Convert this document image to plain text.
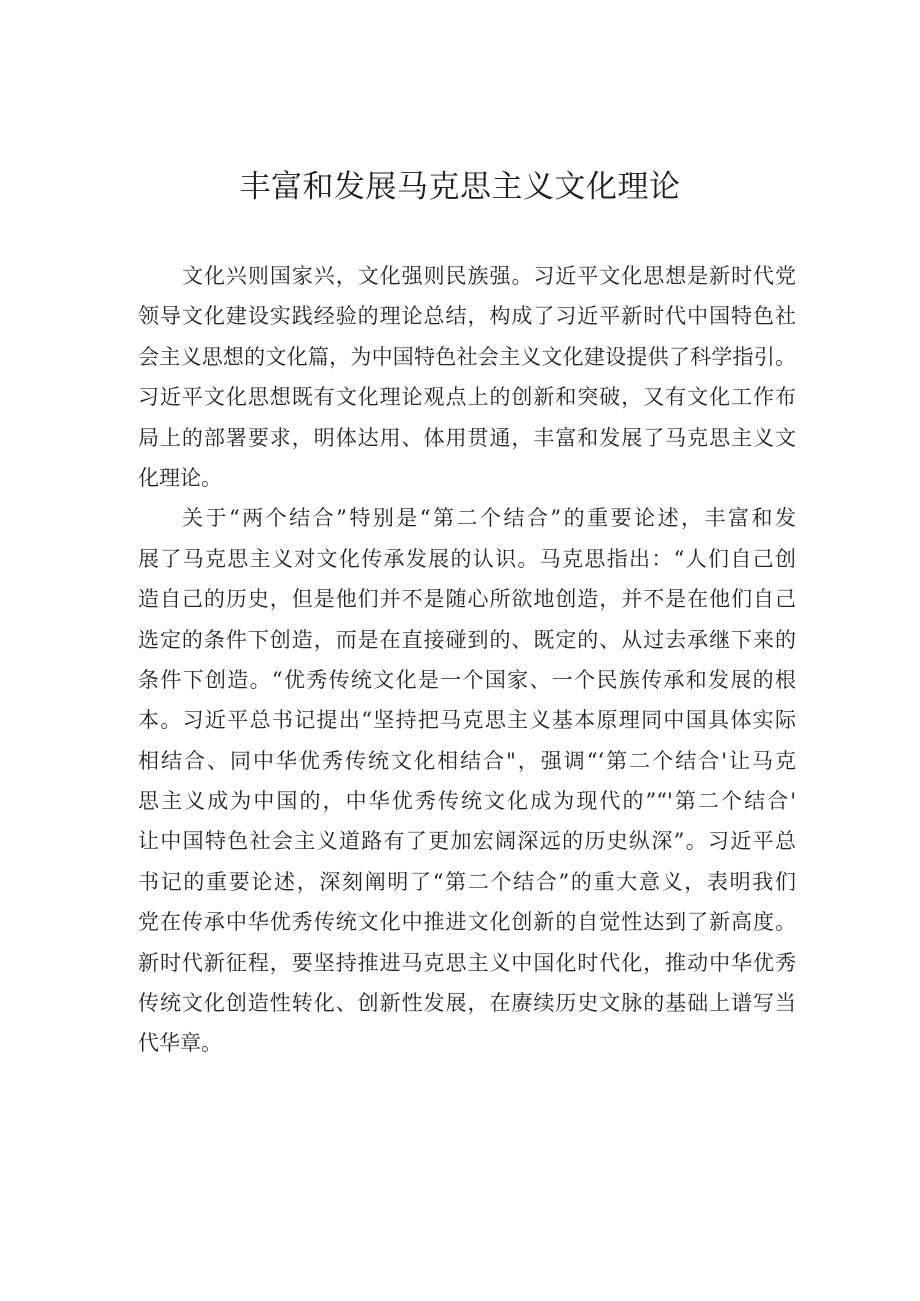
丰富和发展马克思主义文化理论

文化兴则国家兴，文化强则民族强。习近平文化思想是新时代党
领导文化建设实践经验的理论总结，构成了习近平新时代中国特色社
会主义思想的文化篇，为中国特色社会主义文化建设提供了科学指引。
习近平文化思想既有文化理论观点上的创新和突破，又有文化工作布
局上的部署要求，明体达用、体用贯通，丰富和发展了马克思主义文
化理论。

关于“两个结合”特别是“第二个结合”的重要论述，丰富和发
展了马克思主义对文化传承发展的认识。马克思指出：“人们自己创
造自己的历史，但是他们并不是随心所欲地创造，并不是在他们自己
选定的条件下创造，而是在直接碰到的、既定的、从过去承继下来的
条件下创造。“优秀传统文化是一个国家、一个民族传承和发展的根
本。习近平总书记提出“坚持把马克思主义基本原理同中国具体实际
相结合、同中华优秀传统文化相结合"，强调“‘第二个结合'让马克
思主义成为中国的，中华优秀传统文化成为现代的”“'第二个结合'
让中国特色社会主义道路有了更加宏阔深远的历史纵深”。习近平总
书记的重要论述，深刻阐明了“第二个结合”的重大意义，表明我们
党在传承中华优秀传统文化中推进文化创新的自觉性达到了新高度。
新时代新征程，要坚持推进马克思主义中国化时代化，推动中华优秀
传统文化创造性转化、创新性发展，在赓续历史文脉的基础上谱写当
代华章。
